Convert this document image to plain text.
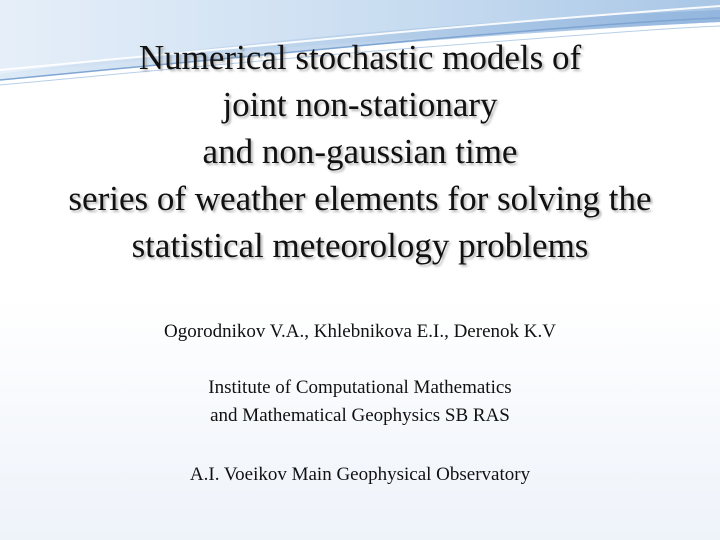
Numerical stochastic models of
joint non-stationary
and non-gaussian time
series of weather elements for solving the
statistical meteorology problems
Ogorodnikov V.A., Khlebnikova E.I., Derenok K.V
Institute of Computational Mathematics
and Mathematical Geophysics SB RAS
A.I. Voeikov Main Geophysical Observatory
